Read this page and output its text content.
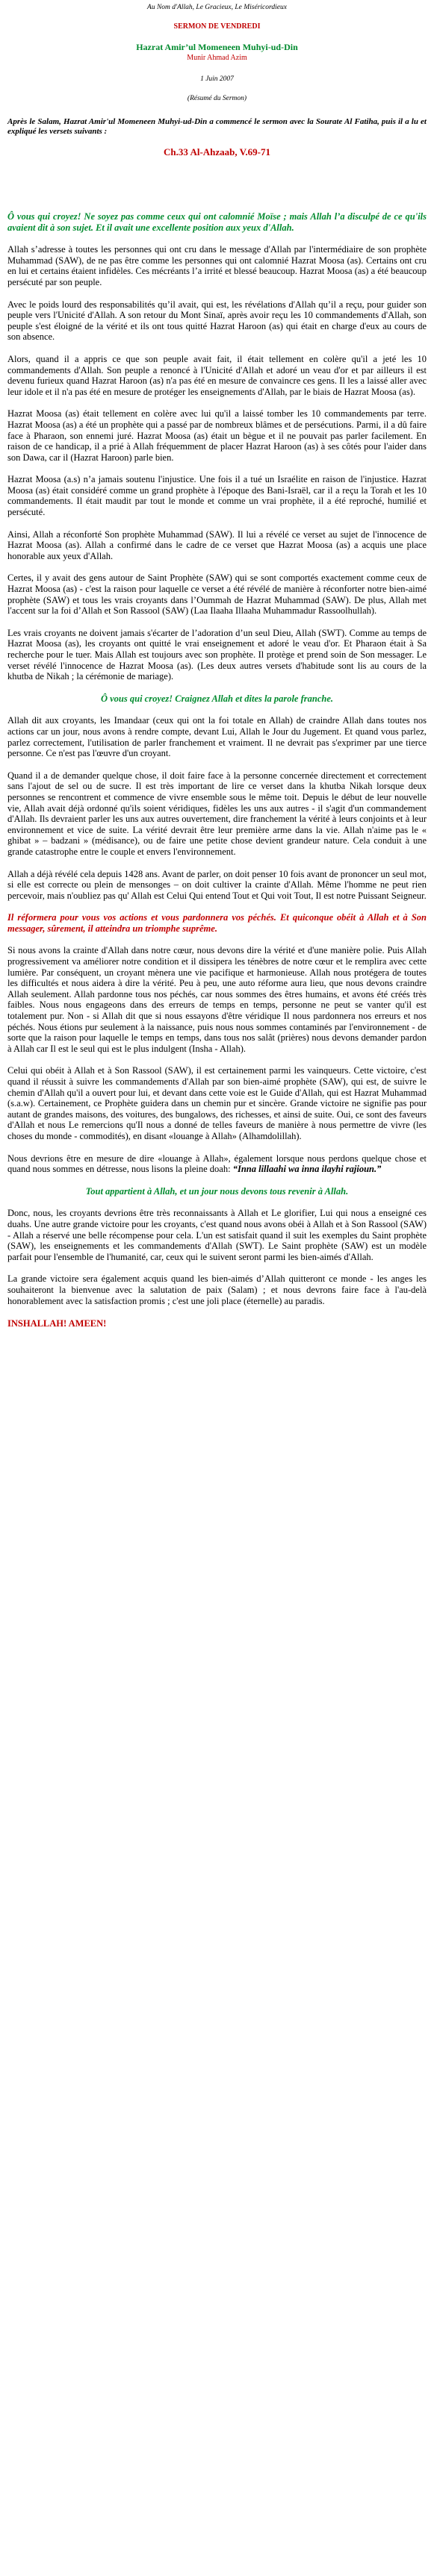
Au Nom d'Allah, Le Gracieux, Le Miséricordieux
SERMON DE VENDREDI
Hazrat Amir’ul Momeneen Muhyi-ud-Din
Munir Ahmad Azim
1 Juin 2007
(Résumé du Sermon)

Après le Salam, Hazrat Amir'ul Momeneen Muhyi-ud-Din a commencé le sermon avec la Sourate Al Fatiha, puis il a lu et expliqué les versets suivants :

Ch.33 Al-Ahzaab, V.69-71

Ô vous qui croyez! Ne soyez pas comme ceux qui ont calomnié Moïse ; mais Allah l’a disculpé de ce qu'ils avaient dit à son sujet. Et il avait une excellente position aux yeux d'Allah.

Allah s’adresse à toutes les personnes qui ont cru dans le message d'Allah par l'intermédiaire de son prophète Muhammad (SAW), de ne pas être comme les personnes qui ont calomnié Hazrat Moosa (as). Certains ont cru en lui et certains étaient infidèles. Ces mécréants l’a irrité et blessé beaucoup. Hazrat Moosa (as) a été beaucoup persécuté par son peuple.

Avec le poids lourd des responsabilités qu’il avait, qui est, les révélations d'Allah qu’il a reçu, pour guider son peuple vers l'Unicité d'Allah. A son retour du Mont Sinaï, après avoir reçu les 10 commandements d'Allah, son peuple s'est éloigné de la vérité et ils ont tous quitté Hazrat Haroon (as) qui était en charge d'eux au cours de son absence.

Alors, quand il a appris ce que son peuple avait fait, il était tellement en colère qu'il a jeté les 10 commandements d'Allah. Son peuple a renoncé à l'Unicité d'Allah et adoré un veau d'or et par ailleurs il est devenu furieux quand Hazrat Haroon (as) n'a pas été en mesure de convaincre ces gens. Il les a laissé aller avec leur idole et il n'a pas été en mesure de protéger les enseignements d'Allah, par le biais de Hazrat Moosa (as).

Hazrat Moosa (as) était tellement en colère avec lui qu'il a laissé tomber les 10 commandements par terre. Hazrat Moosa (as) a été un prophète qui a passé par de nombreux blâmes et de persécutions. Parmi, il a dû faire face à Pharaon, son ennemi juré. Hazrat Moosa (as) était un bègue et il ne pouvait pas parler facilement. En raison de ce handicap, il a prié à Allah fréquemment de placer Hazrat Haroon (as) à ses côtés pour l'aider dans son Dawa, car il (Hazrat Haroon) parle bien.

Hazrat Moosa (a.s) n’a jamais soutenu l'injustice. Une fois il a tué un Israélite en raison de l'injustice. Hazrat Moosa (as) était considéré comme un grand prophète à l'époque des Bani-Israël, car il a reçu la Torah et les 10 commandements. Il était maudit par tout le monde et comme un vrai prophète, il a été reproché, humilié et persécuté.

Ainsi, Allah a réconforté Son prophète Muhammad (SAW). Il lui a révélé ce verset au sujet de l'innocence de Hazrat Moosa (as). Allah a confirmé dans le cadre de ce verset que Hazrat Moosa (as) a acquis une place honorable aux yeux d'Allah.

Certes, il y avait des gens autour de Saint Prophète (SAW) qui se sont comportés exactement comme ceux de Hazrat Moosa (as) - c'est la raison pour laquelle ce verset a été révélé de manière à réconforter notre bien-aimé prophète (SAW) et tous les vrais croyants dans l’Oummah de Hazrat Muhammad (SAW). De plus, Allah met l'accent sur la foi d’Allah et Son Rassool (SAW) (Laa Ilaaha Illaaha Muhammadur Rassoolhullah).

Les vrais croyants ne doivent jamais s'écarter de l’adoration d’un seul Dieu, Allah (SWT). Comme au temps de Hazrat Moosa (as), les croyants ont quitté le vrai enseignement et adoré le veau d'or. Et Pharaon était à Sa recherche pour le tuer. Mais Allah est toujours avec son prophète. Il protège et prend soin de Son messager. Le verset révélé l'innocence de Hazrat Moosa (as). (Les deux autres versets d'habitude sont lis au cours de la khutba de Nikah ; la cérémonie de mariage).

Ô vous qui croyez! Craignez Allah et dites la parole franche.

Allah dit aux croyants, les Imandaar (ceux qui ont la foi totale en Allah) de craindre Allah dans toutes nos actions car un jour, nous avons à rendre compte, devant Lui, Allah le Jour du Jugement. Et quand vous parlez, parlez correctement, l'utilisation de parler franchement et vraiment. Il ne devrait pas s'exprimer par une tierce personne. Ce n'est pas l'œuvre d'un croyant.

Quand il a de demander quelque chose, il doit faire face à la personne concernée directement et correctement sans l'ajout de sel ou de sucre. Il est très important de lire ce verset dans la khutba Nikah lorsque deux personnes se rencontrent et commence de vivre ensemble sous le même toit. Depuis le début de leur nouvelle vie, Allah avait déjà ordonné qu'ils soient véridiques, fidèles les uns aux autres - il s'agit d'un commandement d'Allah. Ils devraient parler les uns aux autres ouvertement, dire franchement la vérité à leurs conjoints et à leur environnement et vice de suite. La vérité devrait être leur première arme dans la vie. Allah n'aime pas le « ghibat » – badzani » (médisance), ou de faire une petite chose devient grandeur nature. Cela conduit à une grande catastrophe entre le couple et envers l'environnement.

Allah a déjà révélé cela depuis 1428 ans. Avant de parler, on doit penser 10 fois avant de prononcer un seul mot, si elle est correcte ou plein de mensonges – on doit cultiver la crainte d'Allah. Même l'homme ne peut rien percevoir, mais n'oubliez pas qu' Allah est Celui Qui entend Tout et Qui voit Tout, Il est notre Puissant Seigneur.

Il réformera pour vous vos actions et vous pardonnera vos péchés. Et quiconque obéit à Allah et à Son messager, sûrement, il atteindra un triomphe suprême.

Si nous avons la crainte d'Allah dans notre cœur, nous devons dire la vérité et d'une manière polie. Puis Allah progressivement va améliorer notre condition et il dissipera les ténèbres de notre cœur et le remplira avec cette lumière. Par conséquent, un croyant mènera une vie pacifique et harmonieuse. Allah nous protégera de toutes les difficultés et nous aidera à dire la vérité. Peu à peu, une auto réforme aura lieu, que nous devons craindre Allah seulement. Allah pardonne tous nos péchés, car nous sommes des êtres humains, et avons été créés très faibles. Nous nous engageons dans des erreurs de temps en temps, personne ne peut se vanter qu'il est totalement pur. Non - si Allah dit que si nous essayons d'être véridique Il nous pardonnera nos erreurs et nos péchés. Nous étions pur seulement à la naissance, puis nous nous sommes contaminés par l'environnement - de sorte que la raison pour laquelle le temps en temps, dans tous nos salât (prières) nous devons demander pardon à Allah car Il est le seul qui est le plus indulgent (Insha - Allah).

Celui qui obéit à Allah et à Son Rassool (SAW), il est certainement parmi les vainqueurs. Cette victoire, c'est quand il réussit à suivre les commandements d'Allah par son bien-aimé prophète (SAW), qui est, de suivre le chemin d'Allah qu'il a ouvert pour lui, et devant dans cette voie est le Guide d'Allah, qui est Hazrat Muhammad (s.a.w). Certainement, ce Prophète guidera dans un chemin pur et sincère. Grande victoire ne signifie pas pour autant de grandes maisons, des voitures, des bungalows, des richesses, et ainsi de suite. Oui, ce sont des faveurs d'Allah et nous Le remercions qu'Il nous a donné de telles faveurs de manière à nous permettre de vivre (les choses du monde - commodités), en disant «louange à Allah» (Alhamdolillah).

Nous devrions être en mesure de dire «louange à Allah», également lorsque nous perdons quelque chose et quand nous sommes en détresse, nous lisons la pleine doah: “Inna lillaahi wa inna ilayhi rajioun.”

Tout appartient à Allah, et un jour nous devons tous revenir à Allah.

Donc, nous, les croyants devrions être très reconnaissants à Allah et Le glorifier, Lui qui nous a enseigné ces duahs. Une autre grande victoire pour les croyants, c'est quand nous avons obéi à Allah et à Son Rassool (SAW) - Allah a réservé une belle récompense pour cela. L'un est satisfait quand il suit les exemples du Saint prophète (SAW), les enseignements et les commandements d'Allah (SWT). Le Saint prophète (SAW) est un modèle parfait pour l'ensemble de l'humanité, car, ceux qui le suivent seront parmi les bien-aimés d'Allah.

La grande victoire sera également acquis quand les bien-aimés d’Allah quitteront ce monde - les anges les souhaiteront la bienvenue avec la salutation de paix (Salam) ; et nous devrons faire face à l'au-delà honorablement avec la satisfaction promis ; c'est une joli place (éternelle) au paradis.

INSHALLAH! AMEEN!
